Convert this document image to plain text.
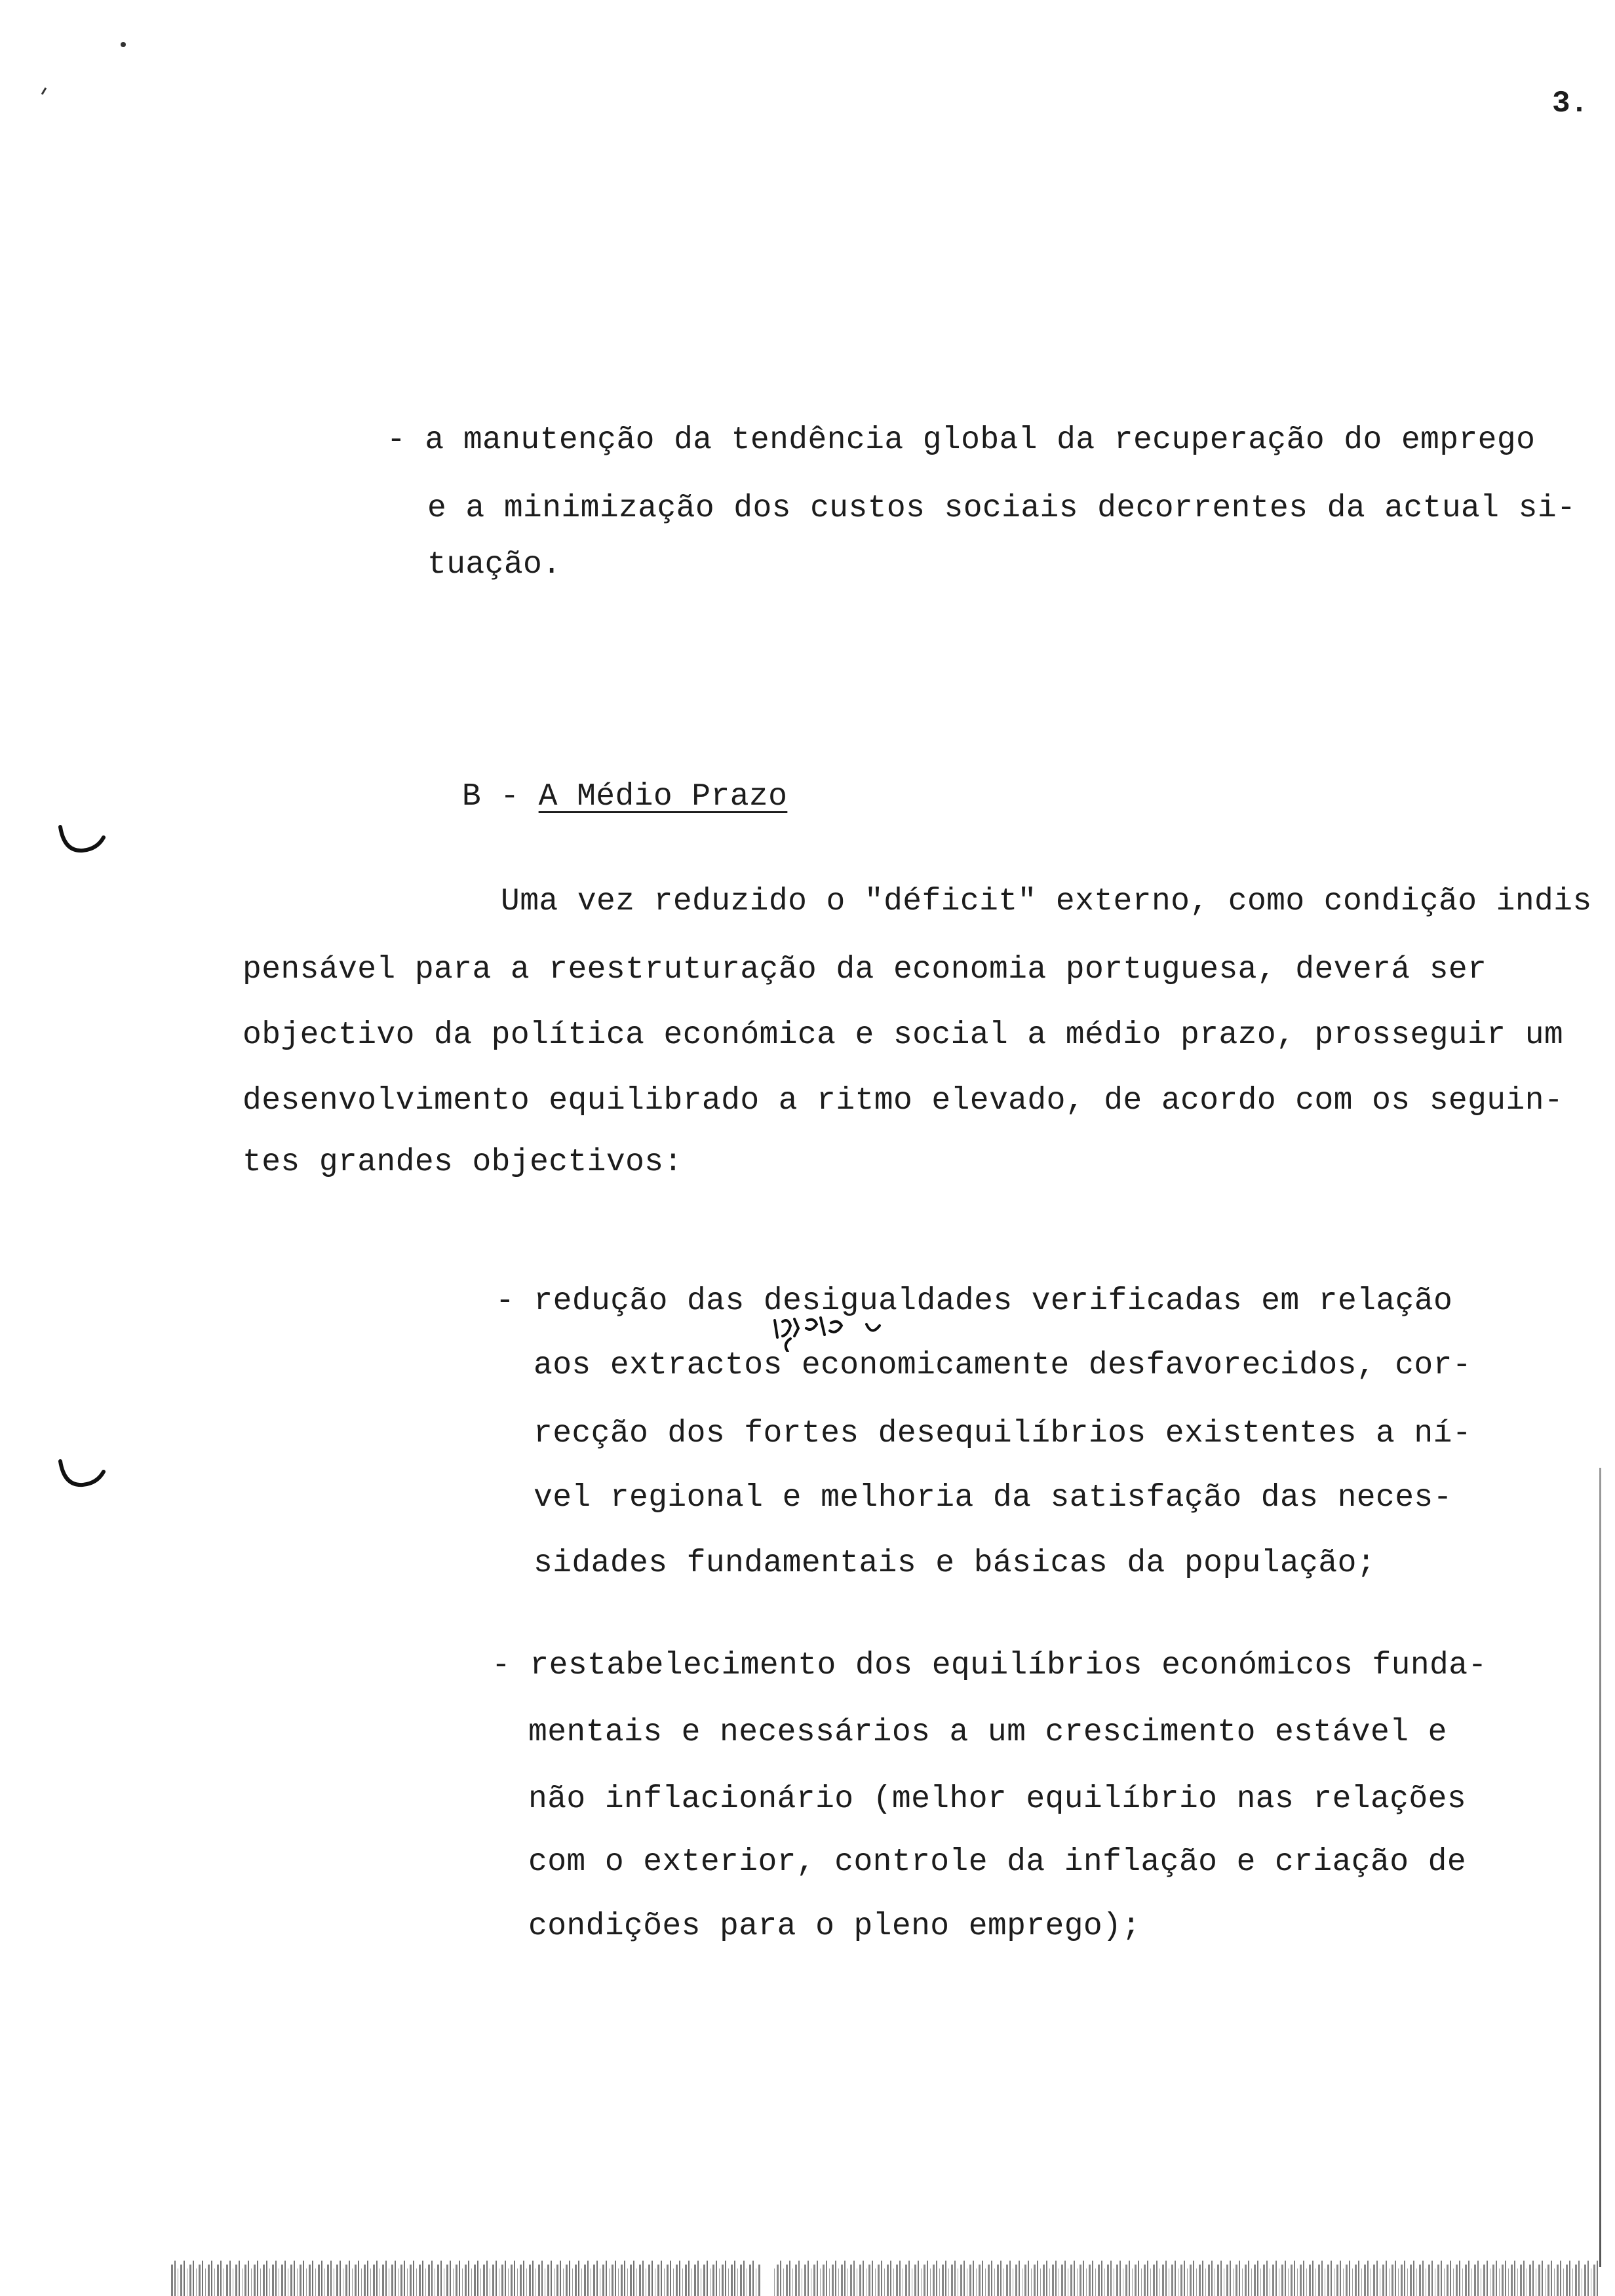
3.
- a manutenção da tendência global da recuperação do emprego
e a minimização dos custos sociais decorrentes da actual si-
tuação.

B - A Médio Prazo

Uma vez reduzido o "déficit" externo, como condição indis
pensável para a reestruturação da economia portuguesa, deverá ser
objectivo da política económica e social a médio prazo, prosseguir um
desenvolvimento equilibrado a ritmo elevado, de acordo com os seguin-
tes grandes objectivos:
- redução das desigualdades verificadas em relação
aos extractos economicamente desfavorecidos, cor-
recção dos fortes desequilíbrios existentes a ní-
vel regional e melhoria da satisfação das neces-
sidades fundamentais e básicas da população;
- restabelecimento dos equilíbrios económicos funda-
mentais e necessários a um crescimento estável e
não inflacionário (melhor equilíbrio nas relações
com o exterior, controle da inflação e criação de
condições para o pleno emprego);
